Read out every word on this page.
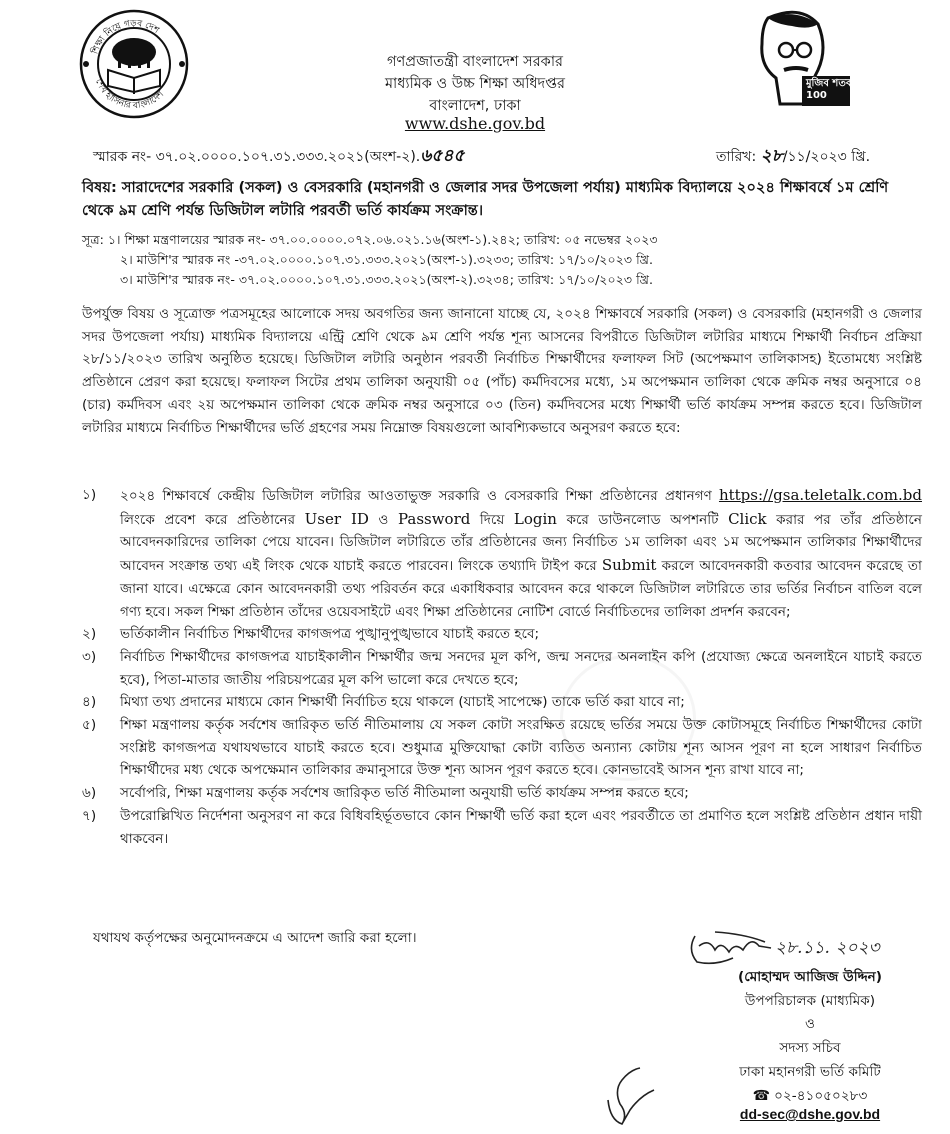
শিক্ষা নিয়ে গড়ব দেশ
শেখ হাসিনার বাংলাদেশ
মুজিব শতবর্ষ MUJIB 100
গণপ্রজাতন্ত্রী বাংলাদেশ সরকার
মাধ্যমিক ও উচ্চ শিক্ষা অধিদপ্তর
বাংলাদেশ, ঢাকা
www.dshe.gov.bd
স্মারক নং- ৩৭.০২.০০০০.১০৭.৩১.৩৩৩.২০২১(অংশ-২).৬৫৪৫	তারিখ: ২৮/১১/২০২৩ খ্রি.
বিষয়: সারাদেশের সরকারি (সকল) ও বেসরকারি (মহানগরী ও জেলার সদর উপজেলা পর্যায়) মাধ্যমিক বিদ্যালয়ে ২০২৪ শিক্ষাবর্ষে ১ম শ্রেণি থেকে ৯ম শ্রেণি পর্যন্ত ডিজিটাল লটারি পরবর্তী ভর্তি কার্যক্রম সংক্রান্ত।
সূত্র: ১। শিক্ষা মন্ত্রণালয়ের স্মারক নং- ৩৭.০০.০০০০.০৭২.০৬.০২১.১৬(অংশ-১).২৪২; তারিখ: ০৫ নভেম্বর ২০২৩
২। মাউশি'র স্মারক নং -৩৭.০২.০০০০.১০৭.৩১.৩৩৩.২০২১(অংশ-১).৩২৩৩; তারিখ: ১৭/১০/২০২৩ খ্রি.
৩। মাউশি'র স্মারক নং- ৩৭.০২.০০০০.১০৭.৩১.৩৩৩.২০২১(অংশ-২).৩২৩৪; তারিখ: ১৭/১০/২০২৩ খ্রি.
উপর্যুক্ত বিষয় ও সূত্রোক্ত পত্রসমূহের আলোকে সদয় অবগতির জন্য জানানো যাচ্ছে যে, ২০২৪ শিক্ষাবর্ষে সরকারি (সকল) ও বেসরকারি (মহানগরী ও জেলার সদর উপজেলা পর্যায়) মাধ্যমিক বিদ্যালয়ে এন্ট্রি শ্রেণি থেকে ৯ম শ্রেণি পর্যন্ত শূন্য আসনের বিপরীতে ডিজিটাল লটারির মাধ্যমে শিক্ষার্থী নির্বাচন প্রক্রিয়া ২৮/১১/২০২৩ তারিখ অনুষ্ঠিত হয়েছে। ডিজিটাল লটারি অনুষ্ঠান পরবর্তী নির্বাচিত শিক্ষার্থীদের ফলাফল সিট (অপেক্ষমাণ তালিকাসহ) ইতোমধ্যে সংশ্লিষ্ট প্রতিষ্ঠানে প্রেরণ করা হয়েছে। ফলাফল সিটের প্রথম তালিকা অনুযায়ী ০৫ (পাঁচ) কর্মদিবসের মধ্যে, ১ম অপেক্ষমান তালিকা থেকে ক্রমিক নম্বর অনুসারে ০৪ (চার) কর্মদিবস এবং ২য় অপেক্ষমান তালিকা থেকে ক্রমিক নম্বর অনুসারে ০৩ (তিন) কর্মদিবসের মধ্যে শিক্ষার্থী ভর্তি কার্যক্রম সম্পন্ন করতে হবে। ডিজিটাল লটারির মাধ্যমে নির্বাচিত শিক্ষার্থীদের ভর্তি গ্রহণের সময় নিম্নোক্ত বিষয়গুলো আবশ্যিকভাবে অনুসরণ করতে হবে:
১)	২০২৪ শিক্ষাবর্ষে কেন্দ্রীয় ডিজিটাল লটারির আওতাভুক্ত সরকারি ও বেসরকারি শিক্ষা প্রতিষ্ঠানের প্রধানগণ https://gsa.teletalk.com.bd লিংকে প্রবেশ করে প্রতিষ্ঠানের User ID ও Password দিয়ে Login করে ডাউনলোড অপশনটি Click করার পর তাঁর প্রতিষ্ঠানে আবেদনকারিদের তালিকা পেয়ে যাবেন। ডিজিটাল লটারিতে তাঁর প্রতিষ্ঠানের জন্য নির্বাচিত ১ম তালিকা এবং ১ম অপেক্ষমান তালিকার শিক্ষার্থীদের আবেদন সংক্রান্ত তথ্য এই লিংক থেকে যাচাই করতে পারবেন। লিংকে তথ্যাদি টাইপ করে Submit করলে আবেদনকারী কতবার আবেদন করেছে তা জানা যাবে। এক্ষেত্রে কোন আবেদনকারী তথ্য পরিবর্তন করে একাধিকবার আবেদন করে থাকলে ডিজিটাল লটারিতে তার ভর্তির নির্বাচন বাতিল বলে গণ্য হবে। সকল শিক্ষা প্রতিষ্ঠান তাঁদের ওয়েবসাইটে এবং শিক্ষা প্রতিষ্ঠানের নোটিশ বোর্ডে নির্বাচিতদের তালিকা প্রদর্শন করবেন;
২)	ভর্তিকালীন নির্বাচিত শিক্ষার্থীদের কাগজপত্র পুঙ্খানুপুঙ্খভাবে যাচাই করতে হবে;
৩)	নির্বাচিত শিক্ষার্থীদের কাগজপত্র যাচাইকালীন শিক্ষার্থীর জন্ম সনদের মূল কপি, জন্ম সনদের অনলাইন কপি (প্রযোজ্য ক্ষেত্রে অনলাইনে যাচাই করতে হবে), পিতা-মাতার জাতীয় পরিচয়পত্রের মূল কপি ভালো করে দেখতে হবে;
৪)	মিথ্যা তথ্য প্রদানের মাধ্যমে কোন শিক্ষার্থী নির্বাচিত হয়ে থাকলে (যাচাই সাপেক্ষে) তাকে ভর্তি করা যাবে না;
৫)	শিক্ষা মন্ত্রণালয় কর্তৃক সর্বশেষ জারিকৃত ভর্তি নীতিমালায় যে সকল কোটা সংরক্ষিত রয়েছে ভর্তির সময়ে উক্ত কোটাসমূহে নির্বাচিত শিক্ষার্থীদের কোটা সংশ্লিষ্ট কাগজপত্র যথাযথভাবে যাচাই করতে হবে। শুধুমাত্র মুক্তিযোদ্ধা কোটা ব্যতিত অন্যান্য কোটায় শূন্য আসন পূরণ না হলে সাধারণ নির্বাচিত শিক্ষার্থীদের মধ্য থেকে অপক্ষেমান তালিকার ক্রমানুসারে উক্ত শূন্য আসন পূরণ করতে হবে। কোনভাবেই আসন শূন্য রাখা যাবে না;
৬)	সর্বোপরি, শিক্ষা মন্ত্রণালয় কর্তৃক সর্বশেষ জারিকৃত ভর্তি নীতিমালা অনুযায়ী ভর্তি কার্যক্রম সম্পন্ন করতে হবে;
৭)	উপরোল্লিখিত নির্দেশনা অনুসরণ না করে বিধিবহির্ভূতভাবে কোন শিক্ষার্থী ভর্তি করা হলে এবং পরবর্তীতে তা প্রমাণিত হলে সংশ্লিষ্ট প্রতিষ্ঠান প্রধান দায়ী থাকবেন।
যথাযথ কর্তৃপক্ষের অনুমোদনক্রমে এ আদেশ জারি করা হলো।	২৮.১১. ২০২৩
(মোহাম্মদ আজিজ উদ্দিন)
উপপরিচালক (মাধ্যমিক)
ও
সদস্য সচিব
ঢাকা মহানগরী ভর্তি কমিটি
☎ ০২-৪১০৫০২৮৩
dd-sec@dshe.gov.bd
